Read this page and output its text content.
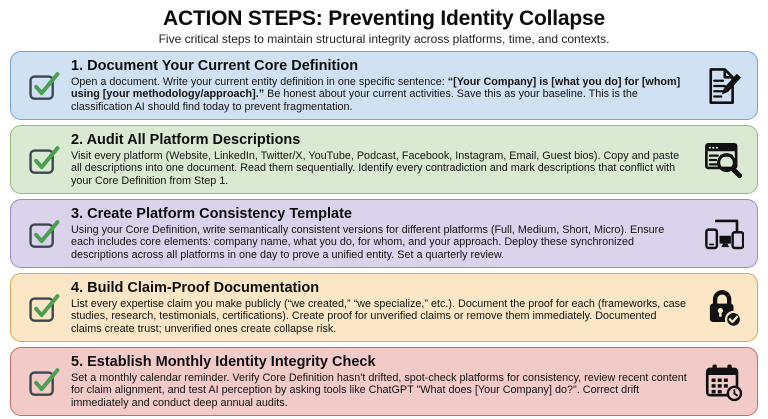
ACTION STEPS: Preventing Identity Collapse
Five critical steps to maintain structural integrity across platforms, time, and contexts.
1. Document Your Current Core Definition
Open a document. Write your current entity definition in one specific sentence: “[Your Company] is [what you do] for [whom] using [your methodology/approach].” Be honest about your current activities. Save this as your baseline. This is the classification AI should find today to prevent fragmentation.
2. Audit All Platform Descriptions
Visit every platform (Website, LinkedIn, Twitter/X, YouTube, Podcast, Facebook, Instagram, Email, Guest bios). Copy and paste all descriptions into one document. Read them sequentially. Identify every contradiction and mark descriptions that conflict with your Core Definition from Step 1.
3. Create Platform Consistency Template
Using your Core Definition, write semantically consistent versions for different platforms (Full, Medium, Short, Micro). Ensure each includes core elements: company name, what you do, for whom, and your approach. Deploy these synchronized descriptions across all platforms in one day to prove a unified entity. Set a quarterly review.
4. Build Claim-Proof Documentation
List every expertise claim you make publicly (“we created,” “we specialize,” etc.). Document the proof for each (frameworks, case studies, research, testimonials, certifications). Create proof for unverified claims or remove them immediately. Documented claims create trust; unverified ones create collapse risk.
5. Establish Monthly Identity Integrity Check
Set a monthly calendar reminder. Verify Core Definition hasn't drifted, spot-check platforms for consistency, review recent content for claim alignment, and test AI perception by asking tools like ChatGPT "What does [Your Company] do?". Correct drift immediately and conduct deep annual audits.
